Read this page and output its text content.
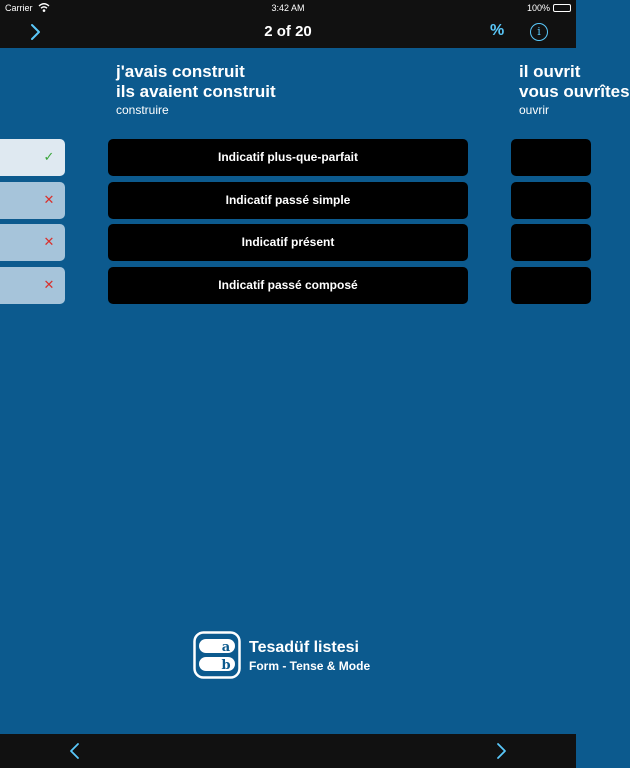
Carrier	3:42 AM	100%
2 of 20	%	i
j'avais construit
ils avaient construit
construire
il ouvrit
vous ouvrîtes
ouvrir
✓
✕
✕
✕
Indicatif plus-que-parfait
Indicatif passé simple
Indicatif présent
Indicatif passé composé
a
b
Tesadüf listesi
Form - Tense & Mode
